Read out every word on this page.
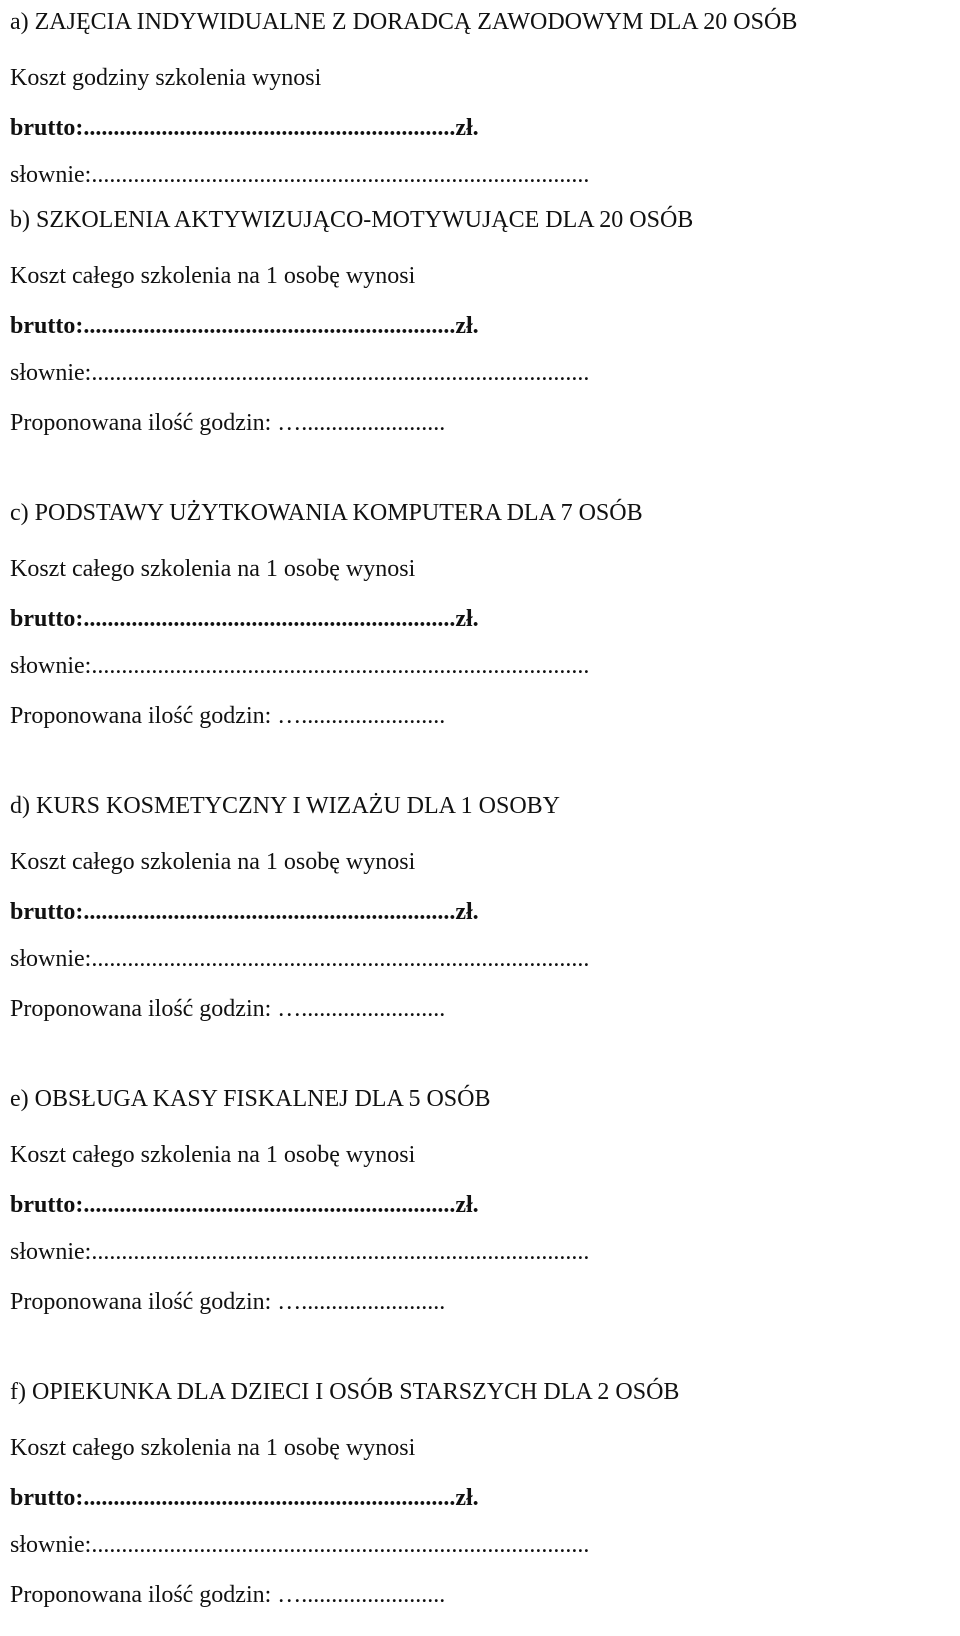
a) ZAJĘCIA INDYWIDUALNE Z DORADCĄ ZAWODOWYM DLA 20 OSÓB
Koszt godziny szkolenia wynosi
brutto:..............................................................zł.
słownie:...................................................................................
b) SZKOLENIA AKTYWIZUJĄCO-MOTYWUJĄCE DLA 20 OSÓB
Koszt całego szkolenia na 1 osobę wynosi
brutto:..............................................................zł.
słownie:...................................................................................
Proponowana ilość godzin: …........................
c) PODSTAWY UŻYTKOWANIA KOMPUTERA DLA 7 OSÓB
Koszt całego szkolenia na 1 osobę wynosi
brutto:..............................................................zł.
słownie:...................................................................................
Proponowana ilość godzin: …........................
d) KURS KOSMETYCZNY I WIZAŻU DLA 1 OSOBY
Koszt całego szkolenia na 1 osobę wynosi
brutto:..............................................................zł.
słownie:...................................................................................
Proponowana ilość godzin: …........................
e) OBSŁUGA KASY FISKALNEJ DLA 5 OSÓB
Koszt całego szkolenia na 1 osobę wynosi
brutto:..............................................................zł.
słownie:...................................................................................
Proponowana ilość godzin: …........................
f) OPIEKUNKA DLA DZIECI I OSÓB STARSZYCH DLA 2 OSÓB
Koszt całego szkolenia na 1 osobę wynosi
brutto:..............................................................zł.
słownie:...................................................................................
Proponowana ilość godzin: …........................
